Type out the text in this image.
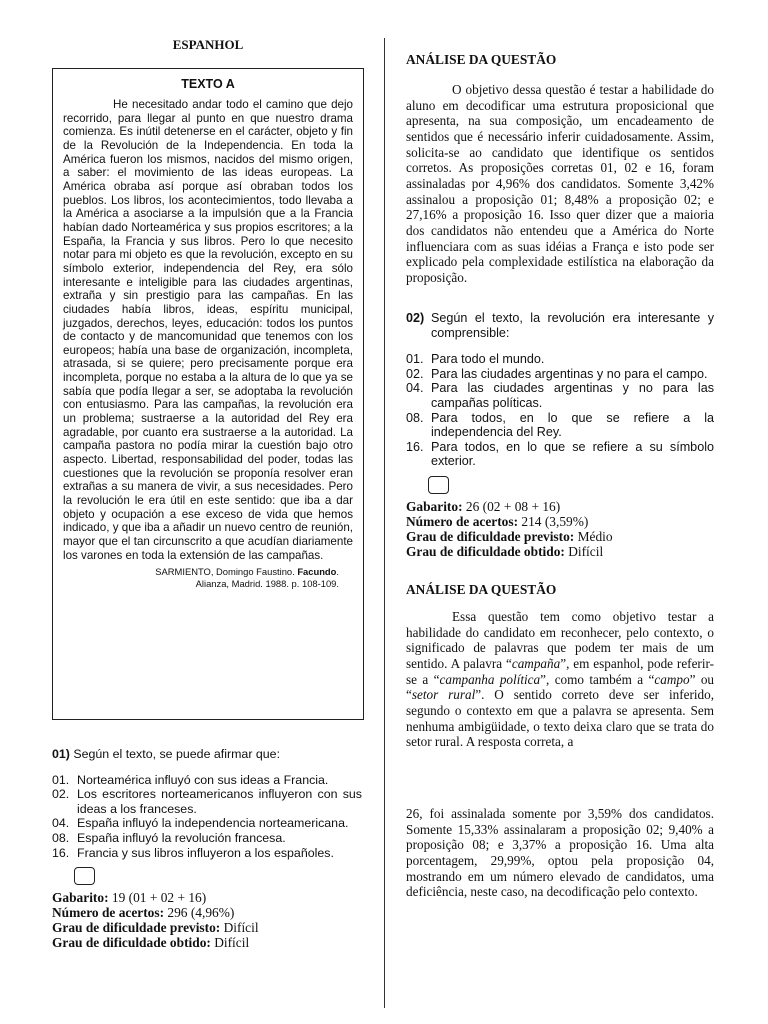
ESPANHOL
TEXTO A
He necesitado andar todo el camino que dejo recorrido, para llegar al punto en que nuestro drama comienza. Es inútil detenerse en el carácter, objeto y fin de la Revolución de la Independencia. En toda la América fueron los mismos, nacidos del mismo origen, a saber: el movimiento de las ideas europeas. La América obraba así porque así obraban todos los pueblos. Los libros, los acontecimientos, todo llevaba a la América a asociarse a la impulsión que a la Francia habían dado Norteamérica y sus propios escritores; a la España, la Francia y sus libros. Pero lo que necesito notar para mi objeto es que la revolución, excepto en su símbolo exterior, independencia del Rey, era sólo interesante e inteligible para las ciudades argentinas, extraña y sin prestigio para las campañas. En las ciudades había libros, ideas, espíritu municipal, juzgados, derechos, leyes, educación: todos los puntos de contacto y de mancomunidad que tenemos con los europeos; había una base de organización, incompleta, atrasada, si se quiere; pero precisamente porque era incompleta, porque no estaba a la altura de lo que ya se sabía que podía llegar a ser, se adoptaba la revolución con entusiasmo. Para las campañas, la revolución era un problema; sustraerse a la autoridad del Rey era agradable, por cuanto era sustraerse a la autoridad. La campaña pastora no podía mirar la cuestión bajo otro aspecto. Libertad, responsabilidad del poder, todas las cuestiones que la revolución se proponía resolver eran extrañas a su manera de vivir, a sus necesidades. Pero la revolución le era útil en este sentido: que iba a dar objeto y ocupación a ese exceso de vida que hemos indicado, y que iba a añadir un nuevo centro de reunión, mayor que el tan circunscrito a que acudían diariamente los varones en toda la extensión de las campañas.
SARMIENTO, Domingo Faustino. Facundo.
Alianza, Madrid. 1988. p. 108-109.
01) Según el texto, se puede afirmar que:
01. Norteamérica influyó con sus ideas a Francia.
02. Los escritores norteamericanos influyeron con sus ideas a los franceses.
04. España influyó la independencia norteamericana.
08. España influyó la revolución francesa.
16. Francia y sus libros influyeron a los españoles.
Gabarito: 19 (01 + 02 + 16)
Número de acertos: 296 (4,96%)
Grau de dificuldade previsto: Difícil
Grau de dificuldade obtido: Difícil
ANÁLISE DA QUESTÃO
O objetivo dessa questão é testar a habilidade do aluno em decodificar uma estrutura proposicional que apresenta, na sua composição, um encadeamento de sentidos que é necessário inferir cuidadosamente. Assim, solicita-se ao candidato que identifique os sentidos corretos. As proposições corretas 01, 02 e 16, foram assinaladas por 4,96% dos candidatos. Somente 3,42% assinalou a proposição 01; 8,48% a proposição 02; e 27,16% a proposição 16. Isso quer dizer que a maioria dos candidatos não entendeu que a América do Norte influenciara com as suas idéias a França e isto pode ser explicado pela complexidade estilística na elaboração da proposição.
02) Según el texto, la revolución era interesante y comprensible:
01. Para todo el mundo.
02. Para las ciudades argentinas y no para el campo.
04. Para las ciudades argentinas y no para las campañas políticas.
08. Para todos, en lo que se refiere a la independencia del Rey.
16. Para todos, en lo que se refiere a su símbolo exterior.
Gabarito: 26 (02 + 08 + 16)
Número de acertos: 214 (3,59%)
Grau de dificuldade previsto: Médio
Grau de dificuldade obtido: Difícil
ANÁLISE DA QUESTÃO
Essa questão tem como objetivo testar a habilidade do candidato em reconhecer, pelo contexto, o significado de palavras que podem ter mais de um sentido. A palavra “campaña”, em espanhol, pode referir-se a “campanha política”, como também a “campo” ou “setor rural”. O sentido correto deve ser inferido, segundo o contexto em que a palavra se apresenta. Sem nenhuma ambigüidade, o texto deixa claro que se trata do setor rural. A resposta correta, a
26, foi assinalada somente por 3,59% dos candidatos. Somente 15,33% assinalaram a proposição 02; 9,40% a proposição 08; e 3,37% a proposição 16. Uma alta porcentagem, 29,99%, optou pela proposição 04, mostrando em um número elevado de candidatos, uma deficiência, neste caso, na decodificação pelo contexto.
